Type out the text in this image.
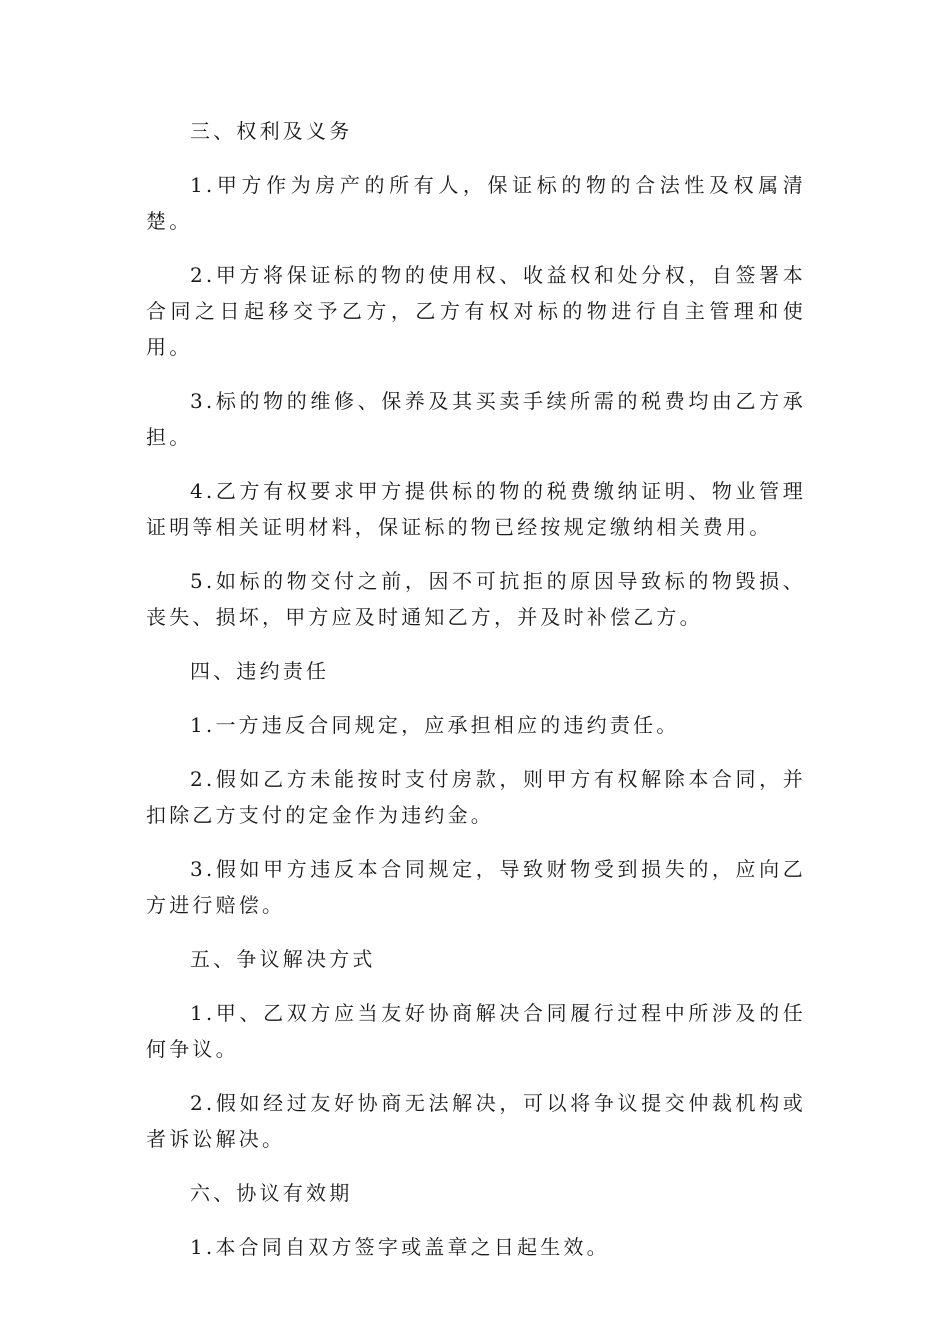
三、权利及义务

1.甲方作为房产的所有人，保证标的物的合法性及权属清楚。

2.甲方将保证标的物的使用权、收益权和处分权，自签署本合同之日起移交予乙方，乙方有权对标的物进行自主管理和使用。

3.标的物的维修、保养及其买卖手续所需的税费均由乙方承担。

4.乙方有权要求甲方提供标的物的税费缴纳证明、物业管理证明等相关证明材料，保证标的物已经按规定缴纳相关费用。

5.如标的物交付之前，因不可抗拒的原因导致标的物毁损、丧失、损坏，甲方应及时通知乙方，并及时补偿乙方。

四、违约责任

1.一方违反合同规定，应承担相应的违约责任。

2.假如乙方未能按时支付房款，则甲方有权解除本合同，并扣除乙方支付的定金作为违约金。

3.假如甲方违反本合同规定，导致财物受到损失的，应向乙方进行赔偿。

五、争议解决方式

1.甲、乙双方应当友好协商解决合同履行过程中所涉及的任何争议。

2.假如经过友好协商无法解决，可以将争议提交仲裁机构或者诉讼解决。

六、协议有效期

1.本合同自双方签字或盖章之日起生效。
